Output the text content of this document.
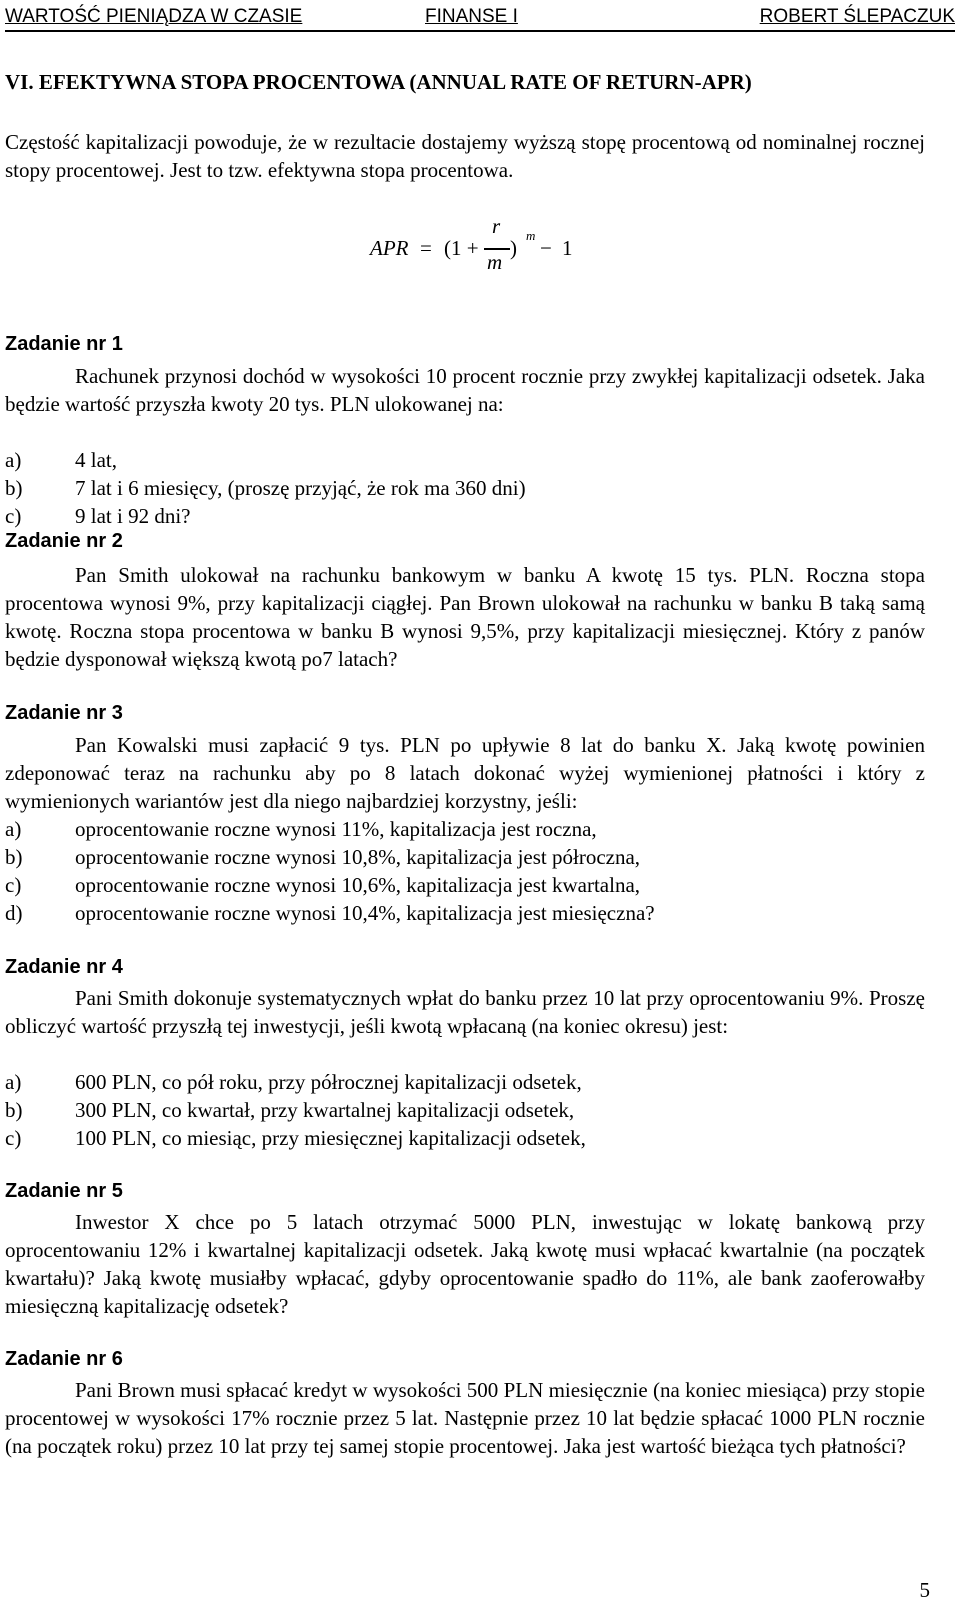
WARTOŚĆ PIENIĄDZA W CZASIE	FINANSE I	ROBERT ŚLEPACZUK
VI. EFEKTYWNA STOPA PROCENTOWA (ANNUAL RATE OF RETURN-APR)
Częstość kapitalizacji powoduje, że w rezultacie dostajemy wyższą stopę procentową od nominalnej rocznej stopy procentowej. Jest to tzw. efektywna stopa procentowa.
APR = (1 +
r
m
)
m
− 1
Zadanie nr 1
Rachunek przynosi dochód w wysokości 10 procent rocznie przy zwykłej kapitalizacji odsetek. Jaka będzie wartość przyszła kwoty 20 tys. PLN ulokowanej na:
a)	4 lat,
b)	7 lat i 6 miesięcy, (proszę przyjąć, że rok ma 360 dni)
c)	9 lat i 92 dni?
Zadanie nr 2
Pan Smith ulokował na rachunku bankowym w banku A kwotę 15 tys. PLN. Roczna stopa procentowa wynosi 9%, przy kapitalizacji ciągłej. Pan Brown ulokował na rachunku w banku B taką samą kwotę. Roczna stopa procentowa w banku B wynosi 9,5%, przy kapitalizacji miesięcznej. Który z panów będzie dysponował większą kwotą po7 latach?
Zadanie nr 3
Pan Kowalski musi zapłacić 9 tys. PLN po upływie 8 lat do banku X. Jaką kwotę powinien zdeponować teraz na rachunku aby po 8 latach dokonać wyżej wymienionej płatności i który z wymienionych wariantów jest dla niego najbardziej korzystny, jeśli:
a)	oprocentowanie roczne wynosi 11%, kapitalizacja jest roczna,
b)	oprocentowanie roczne wynosi 10,8%, kapitalizacja jest półroczna,
c)	oprocentowanie roczne wynosi 10,6%, kapitalizacja jest kwartalna,
d)	oprocentowanie roczne wynosi 10,4%, kapitalizacja jest miesięczna?
Zadanie nr 4
Pani Smith dokonuje systematycznych wpłat do banku przez 10 lat przy oprocentowaniu 9%. Proszę obliczyć wartość przyszłą tej inwestycji, jeśli kwotą wpłacaną (na koniec okresu) jest:
a)	600 PLN, co pół roku, przy półrocznej kapitalizacji odsetek,
b)	300 PLN, co kwartał, przy kwartalnej kapitalizacji odsetek,
c)	100 PLN, co miesiąc, przy miesięcznej kapitalizacji odsetek,
Zadanie nr 5
Inwestor X chce po 5 latach otrzymać 5000 PLN, inwestując w lokatę bankową przy oprocentowaniu 12% i kwartalnej kapitalizacji odsetek. Jaką kwotę musi wpłacać kwartalnie (na początek kwartału)? Jaką kwotę musiałby wpłacać, gdyby oprocentowanie spadło do 11%, ale bank zaoferowałby miesięczną kapitalizację odsetek?
Zadanie nr 6
Pani Brown musi spłacać kredyt w wysokości 500 PLN miesięcznie (na koniec miesiąca) przy stopie procentowej w wysokości 17% rocznie przez 5 lat. Następnie przez 10 lat będzie spłacać 1000 PLN rocznie (na początek roku) przez 10 lat przy tej samej stopie procentowej. Jaka jest wartość bieżąca tych płatności?
5
